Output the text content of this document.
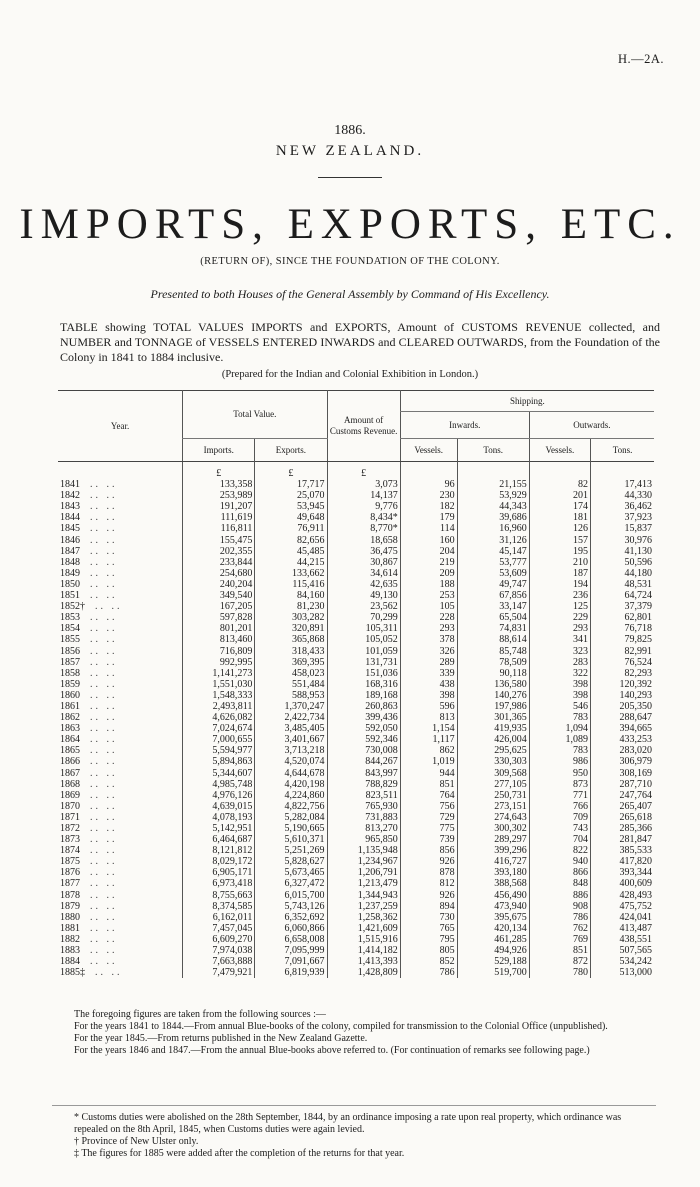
H.—2A.
1886.
NEW ZEALAND.
IMPORTS, EXPORTS, ETC.
(RETURN OF), SINCE THE FOUNDATION OF THE COLONY.
Presented to both Houses of the General Assembly by Command of His Excellency.

TABLE showing TOTAL VALUES IMPORTS and EXPORTS, Amount of CUSTOMS REVENUE collected, and NUMBER and TONNAGE of VESSELS ENTERED INWARDS and CLEARED OUTWARDS, from the Foundation of the Colony in 1841 to 1884 inclusive.

(Prepared for the Indian and Colonial Exhibition in London.)
Year.	Total Value.		Amount of Customs Revenue.	Shipping.			
				Inwards.		Outwards.	
	Imports.	Exports.		Vessels.	Tons.	Vessels.	Tons.
	£	£	£				
1841 .. ..	133,358	17,717	3,073	96	21,155	82	17,413
1842 .. ..	253,989	25,070	14,137	230	53,929	201	44,330
1843 .. ..	191,207	53,945	9,776	182	44,343	174	36,462
1844 .. ..	111,619	49,648	8,434*	179	39,686	181	37,923
1845 .. ..	116,811	76,911	8,770*	114	16,960	126	15,837
1846 .. ..	155,475	82,656	18,658	160	31,126	157	30,976
1847 .. ..	202,355	45,485	36,475	204	45,147	195	41,130
1848 .. ..	233,844	44,215	30,867	219	53,777	210	50,596
1849 .. ..	254,680	133,662	34,614	209	53,609	187	44,180
1850 .. ..	240,204	115,416	42,635	188	49,747	194	48,531
1851 .. ..	349,540	84,160	49,130	253	67,856	236	64,724
1852† .. ..	167,205	81,230	23,562	105	33,147	125	37,379
1853 .. ..	597,828	303,282	70,299	228	65,504	229	62,801
1854 .. ..	801,201	320,891	105,311	293	74,831	293	76,718
1855 .. ..	813,460	365,868	105,052	378	88,614	341	79,825
1856 .. ..	716,809	318,433	101,059	326	85,748	323	82,991
1857 .. ..	992,995	369,395	131,731	289	78,509	283	76,524
1858 .. ..	1,141,273	458,023	151,036	339	90,118	322	82,293
1859 .. ..	1,551,030	551,484	168,316	438	136,580	398	120,392
1860 .. ..	1,548,333	588,953	189,168	398	140,276	398	140,293
1861 .. ..	2,493,811	1,370,247	260,863	596	197,986	546	205,350
1862 .. ..	4,626,082	2,422,734	399,436	813	301,365	783	288,647
1863 .. ..	7,024,674	3,485,405	592,050	1,154	419,935	1,094	394,665
1864 .. ..	7,000,655	3,401,667	592,346	1,117	426,004	1,089	433,253
1865 .. ..	5,594,977	3,713,218	730,008	862	295,625	783	283,020
1866 .. ..	5,894,863	4,520,074	844,267	1,019	330,303	986	306,979
1867 .. ..	5,344,607	4,644,678	843,997	944	309,568	950	308,169
1868 .. ..	4,985,748	4,420,198	788,829	851	277,105	873	287,710
1869 .. ..	4,976,126	4,224,860	823,511	764	250,731	771	247,764
1870 .. ..	4,639,015	4,822,756	765,930	756	273,151	766	265,407
1871 .. ..	4,078,193	5,282,084	731,883	729	274,643	709	265,618
1872 .. ..	5,142,951	5,190,665	813,270	775	300,302	743	285,366
1873 .. ..	6,464,687	5,610,371	965,850	739	289,297	704	281,847
1874 .. ..	8,121,812	5,251,269	1,135,948	856	399,296	822	385,533
1875 .. ..	8,029,172	5,828,627	1,234,967	926	416,727	940	417,820
1876 .. ..	6,905,171	5,673,465	1,206,791	878	393,180	866	393,344
1877 .. ..	6,973,418	6,327,472	1,213,479	812	388,568	848	400,609
1878 .. ..	8,755,663	6,015,700	1,344,943	926	456,490	886	428,493
1879 .. ..	8,374,585	5,743,126	1,237,259	894	473,940	908	475,752
1880 .. ..	6,162,011	6,352,692	1,258,362	730	395,675	786	424,041
1881 .. ..	7,457,045	6,060,866	1,421,609	765	420,134	762	413,487
1882 .. ..	6,609,270	6,658,008	1,515,916	795	461,285	769	438,551
1883 .. ..	7,974,038	7,095,999	1,414,182	805	494,926	851	507,565
1884 .. ..	7,663,888	7,091,667	1,413,393	852	529,188	872	534,242
1885‡ .. ..	7,479,921	6,819,939	1,428,809	786	519,700	780	513,000

The foregoing figures are taken from the following sources :—

For the years 1841 to 1844.—From annual Blue-books of the colony, compiled for transmission to the Colonial Office (unpublished).

For the year 1845.—From returns published in the New Zealand Gazette.

For the years 1846 and 1847.—From the annual Blue-books above referred to. (For continuation of remarks see following page.)

* Customs duties were abolished on the 28th September, 1844, by an ordinance imposing a rate upon real property, which ordinance was repealed on the 8th April, 1845, when Customs duties were again levied.

† Province of New Ulster only.

‡ The figures for 1885 were added after the completion of the returns for that year.
